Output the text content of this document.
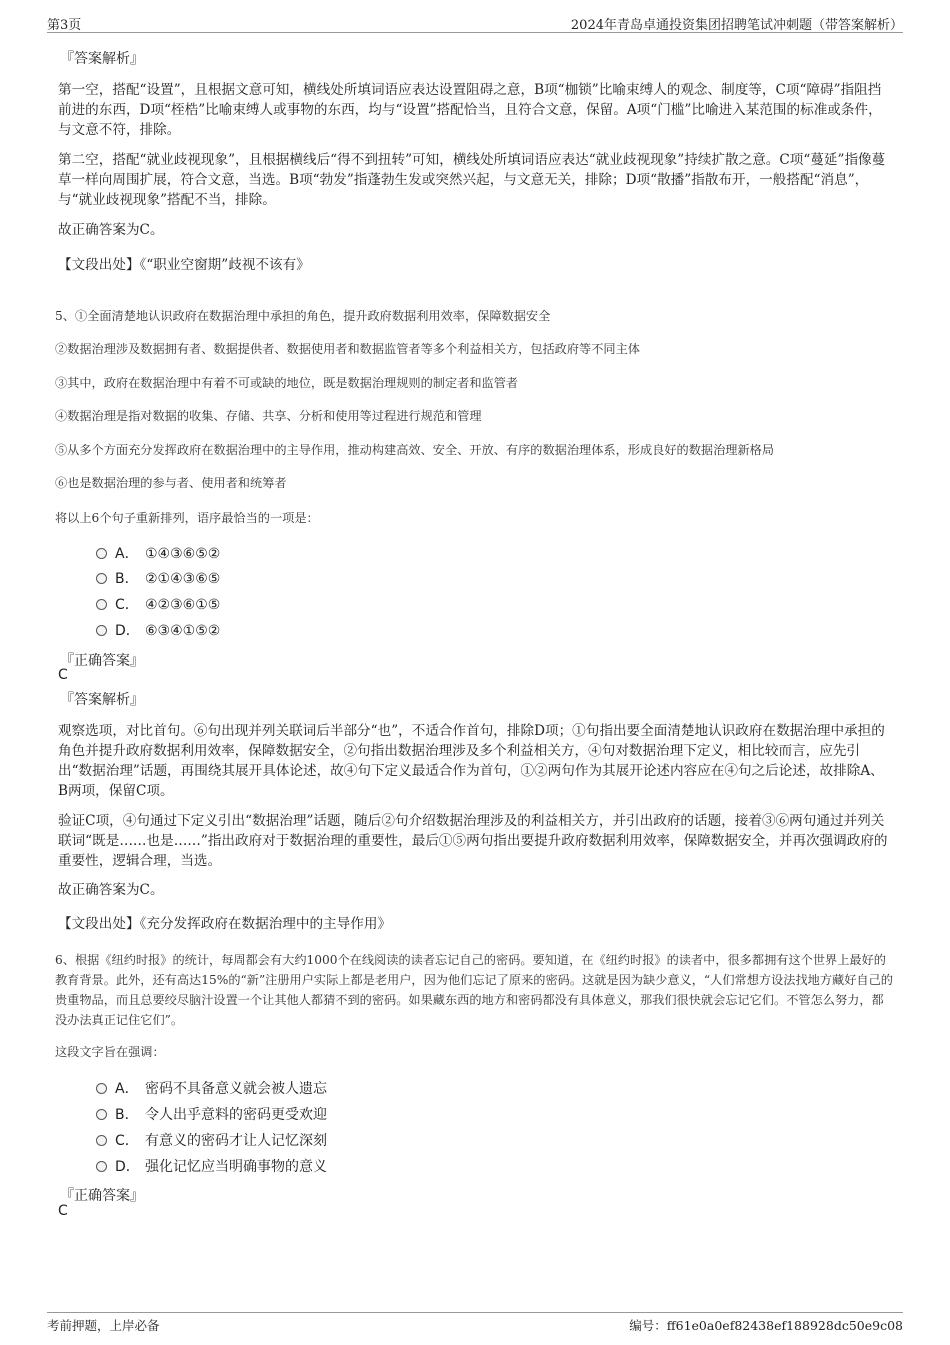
第3页	2024年青岛卓通投资集团招聘笔试冲刺题（带答案解析）
『答案解析』
第一空，搭配“设置”，且根据文意可知，横线处所填词语应表达设置阻碍之意，B项“枷锁”比喻束缚人的观念、制度等，C项“障碍”指阻挡前进的东西，D项“桎梏”比喻束缚人或事物的东西，均与“设置”搭配恰当，且符合文意，保留。A项“门槛”比喻进入某范围的标准或条件，与文意不符，排除。
第二空，搭配“就业歧视现象”，且根据横线后“得不到扭转”可知，横线处所填词语应表达“就业歧视现象”持续扩散之意。C项“蔓延”指像蔓草一样向周围扩展，符合文意，当选。B项“勃发”指蓬勃生发或突然兴起，与文意无关，排除；D项“散播”指散布开，一般搭配“消息”，与“就业歧视现象”搭配不当，排除。
故正确答案为C。
【文段出处】《“职业空窗期”歧视不该有》
5、①全面清楚地认识政府在数据治理中承担的角色，提升政府数据利用效率，保障数据安全
②数据治理涉及数据拥有者、数据提供者、数据使用者和数据监管者等多个利益相关方，包括政府等不同主体
③其中，政府在数据治理中有着不可或缺的地位，既是数据治理规则的制定者和监管者
④数据治理是指对数据的收集、存储、共享、分析和使用等过程进行规范和管理
⑤从多个方面充分发挥政府在数据治理中的主导作用，推动构建高效、安全、开放、有序的数据治理体系，形成良好的数据治理新格局
⑥也是数据治理的参与者、使用者和统筹者
将以上6个句子重新排列，语序最恰当的一项是：
A． ①④③⑥⑤②
B． ②①④③⑥⑤
C． ④②③⑥①⑤
D． ⑥③④①⑤②
『正确答案』
C
『答案解析』
观察选项，对比首句。⑥句出现并列关联词后半部分“也”，不适合作首句，排除D项；①句指出要全面清楚地认识政府在数据治理中承担的角色并提升政府数据利用效率，保障数据安全，②句指出数据治理涉及多个利益相关方，④句对数据治理下定义，相比较而言，应先引出“数据治理”话题，再围绕其展开具体论述，故④句下定义最适合作为首句，①②两句作为其展开论述内容应在④句之后论述，故排除A、B两项，保留C项。
验证C项，④句通过下定义引出“数据治理”话题，随后②句介绍数据治理涉及的利益相关方，并引出政府的话题，接着③⑥两句通过并列关联词“既是……也是……”指出政府对于数据治理的重要性，最后①⑤两句指出要提升政府数据利用效率，保障数据安全，并再次强调政府的重要性，逻辑合理，当选。
故正确答案为C。
【文段出处】《充分发挥政府在数据治理中的主导作用》
6、根据《纽约时报》的统计，每周都会有大约1000个在线阅读的读者忘记自己的密码。要知道，在《纽约时报》的读者中，很多都拥有这个世界上最好的教育背景。此外，还有高达15%的“新”注册用户实际上都是老用户，因为他们忘记了原来的密码。这就是因为缺少意义，“人们常想方设法找地方藏好自己的贵重物品，而且总要绞尽脑汁设置一个让其他人都猜不到的密码。如果藏东西的地方和密码都没有具体意义，那我们很快就会忘记它们。不管怎么努力，都没办法真正记住它们”。
这段文字旨在强调：
A． 密码不具备意义就会被人遗忘
B． 令人出乎意料的密码更受欢迎
C． 有意义的密码才让人记忆深刻
D． 强化记忆应当明确事物的意义
『正确答案』
C
考前押题，上岸必备	编号：ff61e0a0ef82438ef188928dc50e9c08
